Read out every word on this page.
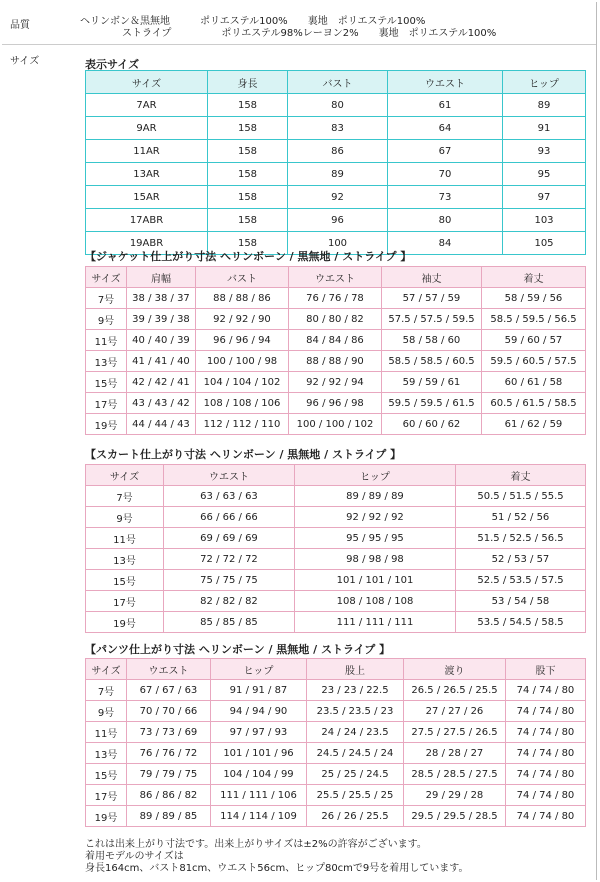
品質	ヘリンボン＆黒無地　　　ポリエステル100%　　裏地　ポリエステル100%
ストライプ　　　　　ポリエステル98%レーヨン2%　　裏地　ポリエステル100%
サイズ	表示サイズ
サイズ	身長	バスト	ウエスト	ヒップ
7AR	158	80	61	89
9AR	158	83	64	91
11AR	158	86	67	93
13AR	158	89	70	95
15AR	158	92	73	97
17ABR	158	96	80	103
19ABR	158	100	84	105
【ジャケット仕上がり寸法 ヘリンボーン / 黒無地 / ストライプ 】
サイズ	肩幅	バスト	ウエスト	袖丈	着丈
7号	38 / 38 / 37	88 / 88 / 86	76 / 76 / 78	57 / 57 / 59	58 / 59 / 56
9号	39 / 39 / 38	92 / 92 / 90	80 / 80 / 82	57.5 / 57.5 / 59.5	58.5 / 59.5 / 56.5
11号	40 / 40 / 39	96 / 96 / 94	84 / 84 / 86	58 / 58 / 60	59 / 60 / 57
13号	41 / 41 / 40	100 / 100 / 98	88 / 88 / 90	58.5 / 58.5 / 60.5	59.5 / 60.5 / 57.5
15号	42 / 42 / 41	104 / 104 / 102	92 / 92 / 94	59 / 59 / 61	60 / 61 / 58
17号	43 / 43 / 42	108 / 108 / 106	96 / 96 / 98	59.5 / 59.5 / 61.5	60.5 / 61.5 / 58.5
19号	44 / 44 / 43	112 / 112 / 110	100 / 100 / 102	60 / 60 / 62	61 / 62 / 59
【スカート仕上がり寸法 ヘリンボーン / 黒無地 / ストライプ 】
サイズ	ウエスト	ヒップ	着丈
7号	63 / 63 / 63	89 / 89 / 89	50.5 / 51.5 / 55.5
9号	66 / 66 / 66	92 / 92 / 92	51 / 52 / 56
11号	69 / 69 / 69	95 / 95 / 95	51.5 / 52.5 / 56.5
13号	72 / 72 / 72	98 / 98 / 98	52 / 53 / 57
15号	75 / 75 / 75	101 / 101 / 101	52.5 / 53.5 / 57.5
17号	82 / 82 / 82	108 / 108 / 108	53 / 54 / 58
19号	85 / 85 / 85	111 / 111 / 111	53.5 / 54.5 / 58.5
【パンツ仕上がり寸法 ヘリンボーン / 黒無地 / ストライプ 】
サイズ	ウエスト	ヒップ	股上	渡り	股下
7号	67 / 67 / 63	91 / 91 / 87	23 / 23 / 22.5	26.5 / 26.5 / 25.5	74 / 74 / 80
9号	70 / 70 / 66	94 / 94 / 90	23.5 / 23.5 / 23	27 / 27 / 26	74 / 74 / 80
11号	73 / 73 / 69	97 / 97 / 93	24 / 24 / 23.5	27.5 / 27.5 / 26.5	74 / 74 / 80
13号	76 / 76 / 72	101 / 101 / 96	24.5 / 24.5 / 24	28 / 28 / 27	74 / 74 / 80
15号	79 / 79 / 75	104 / 104 / 99	25 / 25 / 24.5	28.5 / 28.5 / 27.5	74 / 74 / 80
17号	86 / 86 / 82	111 / 111 / 106	25.5 / 25.5 / 25	29 / 29 / 28	74 / 74 / 80
19号	89 / 89 / 85	114 / 114 / 109	26 / 26 / 25.5	29.5 / 29.5 / 28.5	74 / 74 / 80
これは出来上がり寸法です。出来上がりサイズは±2%の許容がございます。
着用モデルのサイズは
身長164cm、バスト81cm、ウエスト56cm、ヒップ80cmで9号を着用しています。
